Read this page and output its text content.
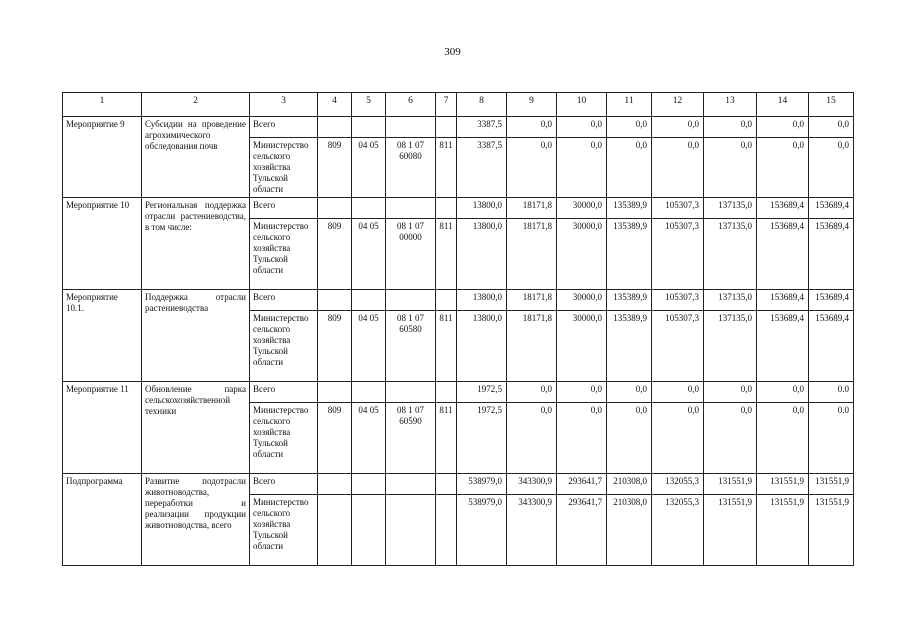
309
1	2	3	4	5	6	7	8	9	10	11	12	13	14	15
Мероприятие 9	Субсидии на проведение агрохимического обследования почв	Всего					3387,5	0,0	0,0	0,0	0,0	0,0	0,0	0,0
		Министерство сельского хозяйства Тульской области	809	04 05	08 1 07 60080	811	3387,5	0,0	0,0	0,0	0,0	0,0	0,0	0,0
Мероприятие 10	Региональная поддержка отрасли растениеводства, в том числе:	Всего					13800,0	18171,8	30000,0	135389,9	105307,3	137135,0	153689,4	153689,4
		Министерство сельского хозяйства Тульской области	809	04 05	08 1 07 00000	811	13800,0	18171,8	30000,0	135389,9	105307,3	137135,0	153689,4	153689,4
Мероприятие 10.1.	Поддержка отрасли растениеводства	Всего					13800,0	18171,8	30000,0	135389,9	105307,3	137135,0	153689,4	153689,4
		Министерство сельского хозяйства Тульской области	809	04 05	08 1 07 60580	811	13800,0	18171,8	30000,0	135389,9	105307,3	137135,0	153689,4	153689,4
Мероприятие 11	Обновление парка сельскохозяйственной техники	Всего					1972,5	0,0	0,0	0,0	0,0	0,0	0,0	0.0
		Министерство сельского хозяйства Тульской области	809	04 05	08 1 07 60590	811	1972,5	0,0	0,0	0,0	0,0	0,0	0,0	0.0
Подпрограмма	Развитие подотрасли животноводства, переработки и реализации продукции животноводства, всего	Всего					538979,0	343300,9	293641,7	210308,0	132055,3	131551,9	131551,9	131551,9
		Министерство сельского хозяйства Тульской области					538979,0	343300,9	293641,7	210308,0	132055,3	131551,9	131551,9	131551,9
